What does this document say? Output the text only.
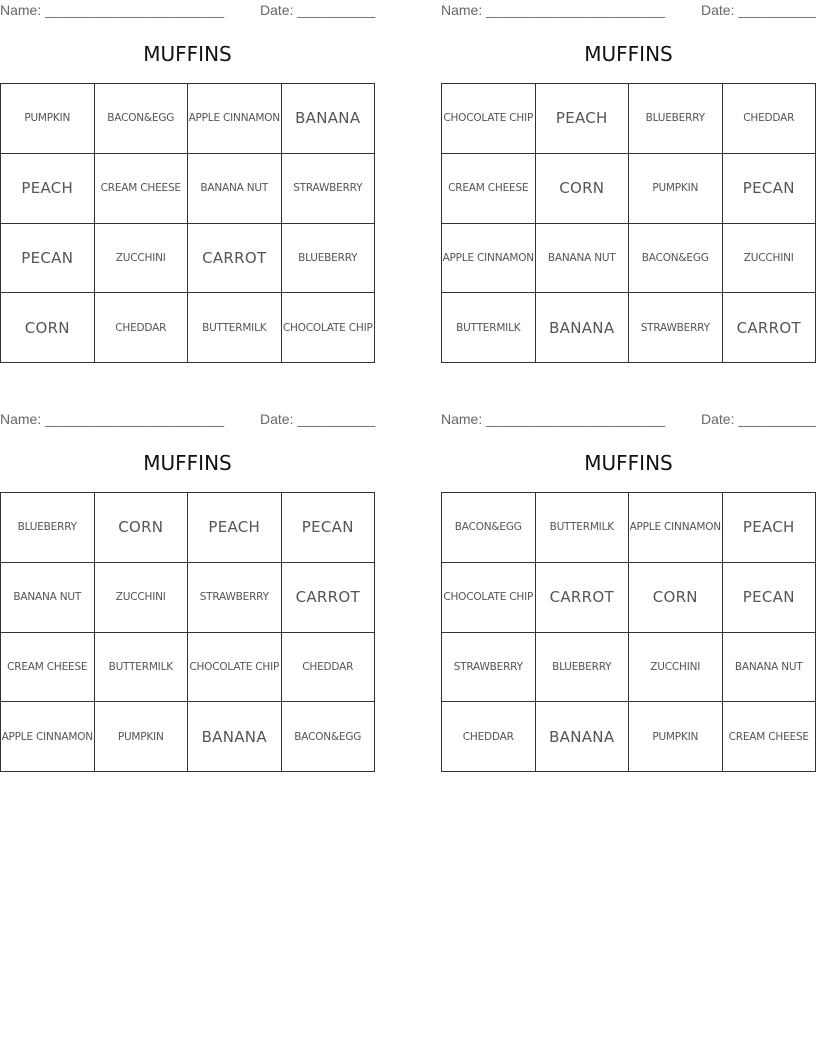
Name: _______________________	Date: __________
MUFFINS
PUMPKIN	BACON&EGG	APPLE CINNAMON	BANANA
PEACH	CREAM CHEESE	BANANA NUT	STRAWBERRY
PECAN	ZUCCHINI	CARROT	BLUEBERRY
CORN	CHEDDAR	BUTTERMILK	CHOCOLATE CHIP
Name: _______________________	Date: __________
MUFFINS
CHOCOLATE CHIP	PEACH	BLUEBERRY	CHEDDAR
CREAM CHEESE	CORN	PUMPKIN	PECAN
APPLE CINNAMON	BANANA NUT	BACON&EGG	ZUCCHINI
BUTTERMILK	BANANA	STRAWBERRY	CARROT
Name: _______________________	Date: __________
MUFFINS
BLUEBERRY	CORN	PEACH	PECAN
BANANA NUT	ZUCCHINI	STRAWBERRY	CARROT
CREAM CHEESE	BUTTERMILK	CHOCOLATE CHIP	CHEDDAR
APPLE CINNAMON	PUMPKIN	BANANA	BACON&EGG
Name: _______________________	Date: __________
MUFFINS
BACON&EGG	BUTTERMILK	APPLE CINNAMON	PEACH
CHOCOLATE CHIP	CARROT	CORN	PECAN
STRAWBERRY	BLUEBERRY	ZUCCHINI	BANANA NUT
CHEDDAR	BANANA	PUMPKIN	CREAM CHEESE
